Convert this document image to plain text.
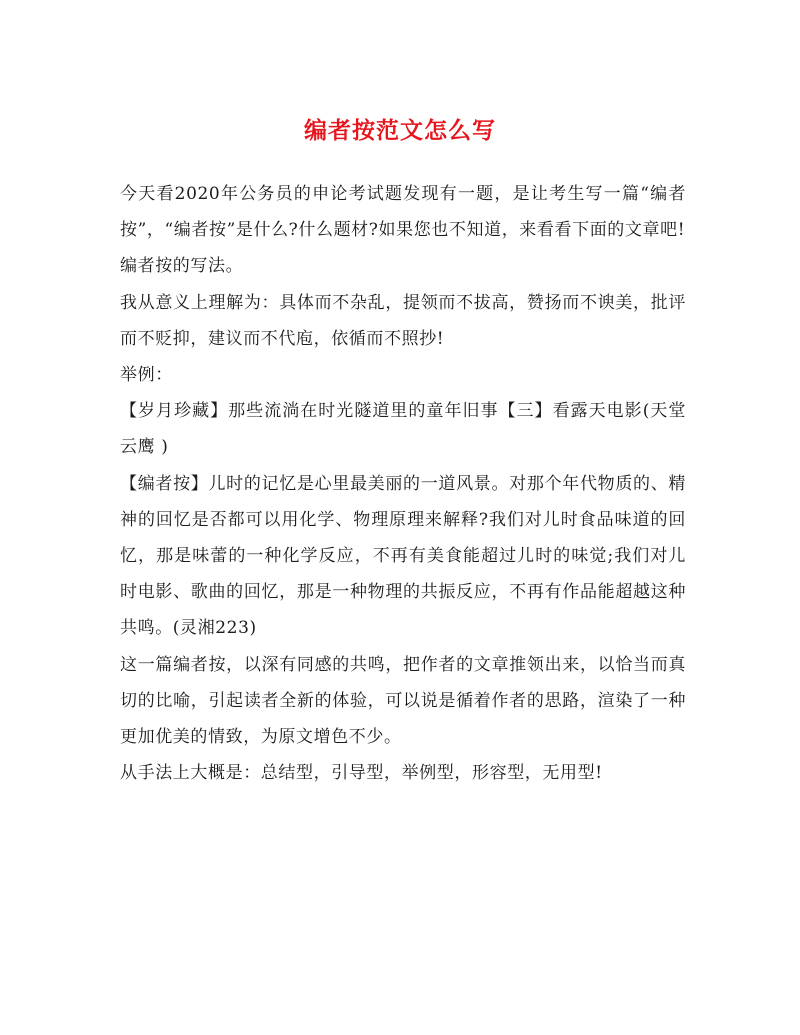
编者按范文怎么写

今天看2020年公务员的申论考试题发现有一题，是让考生写一篇“编者按”，“编者按”是什么?什么题材?如果您也不知道，来看看下面的文章吧!

编者按的写法。

我从意义上理解为：具体而不杂乱，提领而不拔高，赞扬而不谀美，批评而不贬抑，建议而不代庖，依循而不照抄!

举例：

【岁月珍藏】那些流淌在时光隧道里的童年旧事【三】看露天电影(天堂云鹰 )

【编者按】儿时的记忆是心里最美丽的一道风景。对那个年代物质的、精神的回忆是否都可以用化学、物理原理来解释?我们对儿时食品味道的回忆，那是味蕾的一种化学反应，不再有美食能超过儿时的味觉;我们对儿时电影、歌曲的回忆，那是一种物理的共振反应，不再有作品能超越这种共鸣。(灵湘223)

这一篇编者按，以深有同感的共鸣，把作者的文章推领出来，以恰当而真切的比喻，引起读者全新的体验，可以说是循着作者的思路，渲染了一种更加优美的情致，为原文增色不少。

从手法上大概是：总结型，引导型，举例型，形容型，无用型!
